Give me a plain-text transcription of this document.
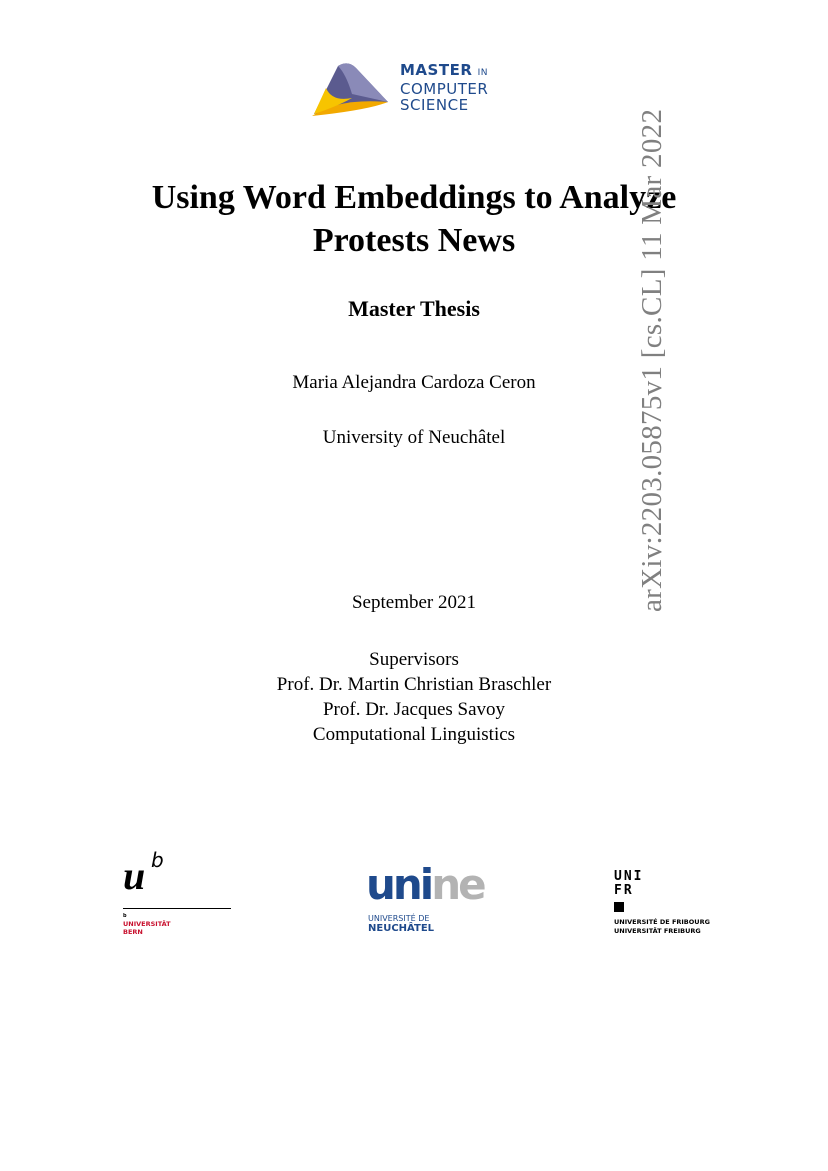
MASTER IN
COMPUTER
SCIENCE
Using Word Embeddings to Analyze Protests News
Master Thesis
Maria Alejandra Cardoza Ceron
University of Neuchâtel
September 2021
Supervisors
Prof. Dr. Martin Christian Braschler
Prof. Dr. Jacques Savoy
Computational Linguistics
arXiv:2203.05875v1 [cs.CL] 11 Mar 2022
u b
b
UNIVERSITÄT
BERN
unine
UNIVERSITÉ DE
NEUCHÂTEL
UNI
FR
UNIVERSITÉ DE FRIBOURG
UNIVERSITÄT FREIBURG
